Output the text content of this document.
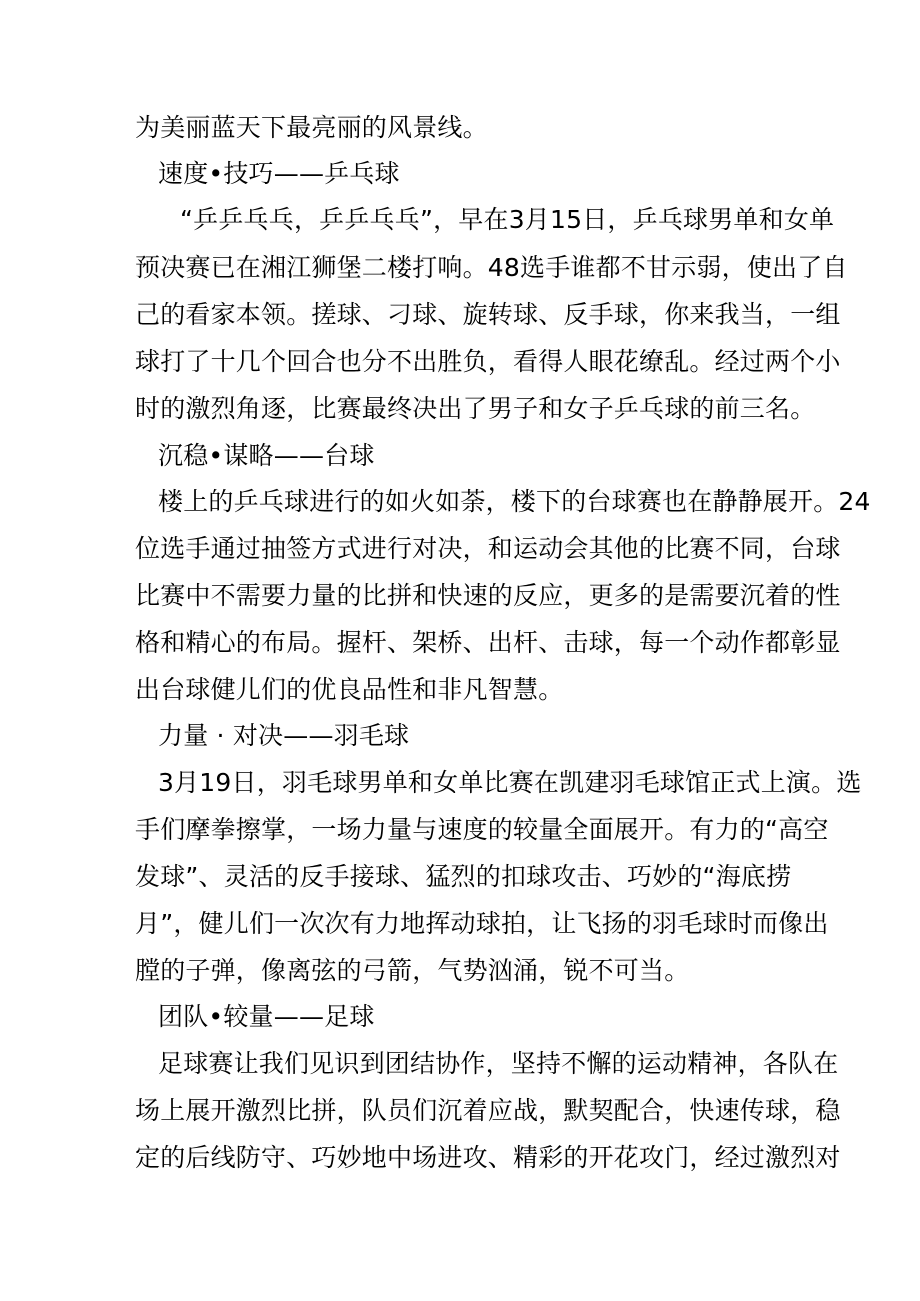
为美丽蓝天下最亮丽的风景线。
速度•技巧——乒乓球
“乒乒乓乓，乒乒乓乓”，早在3月15日，乒乓球男单和女单
预决赛已在湘江狮堡二楼打响。48选手谁都不甘示弱，使出了自
己的看家本领。搓球、刁球、旋转球、反手球，你来我当，一组
球打了十几个回合也分不出胜负，看得人眼花缭乱。经过两个小
时的激烈角逐，比赛最终决出了男子和女子乒乓球的前三名。
沉稳•谋略——台球
楼上的乒乓球进行的如火如荼，楼下的台球赛也在静静展开。24
位选手通过抽签方式进行对决，和运动会其他的比赛不同，台球
比赛中不需要力量的比拼和快速的反应，更多的是需要沉着的性
格和精心的布局。握杆、架桥、出杆、击球，每一个动作都彰显
出台球健儿们的优良品性和非凡智慧。
力量 · 对决——羽毛球
3月19日，羽毛球男单和女单比赛在凯建羽毛球馆正式上演。选
手们摩拳擦掌，一场力量与速度的较量全面展开。有力的“高空
发球”、灵活的反手接球、猛烈的扣球攻击、巧妙的“海底捞
月”，健儿们一次次有力地挥动球拍，让飞扬的羽毛球时而像出
膛的子弹，像离弦的弓箭，气势汹涌，锐不可当。
团队•较量——足球
足球赛让我们见识到团结协作，坚持不懈的运动精神，各队在
场上展开激烈比拼，队员们沉着应战，默契配合，快速传球，稳
定的后线防守、巧妙地中场进攻、精彩的开花攻门，经过激烈对
